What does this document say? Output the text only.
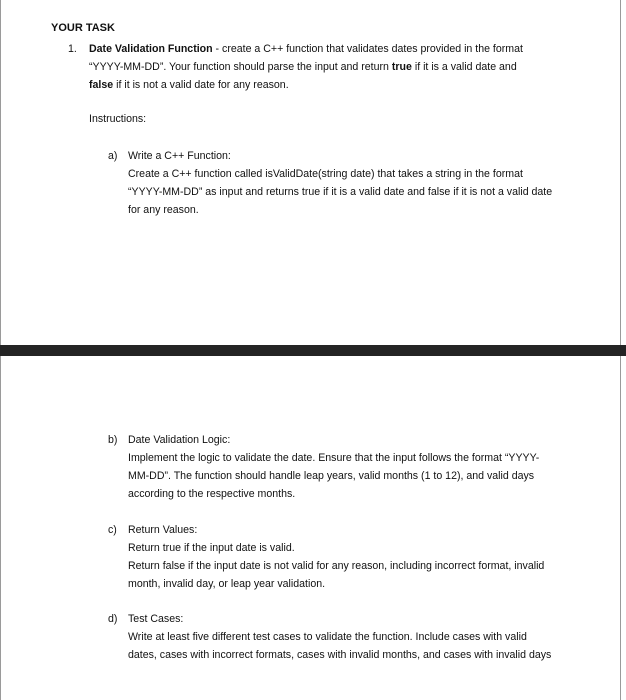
YOUR TASK
1. Date Validation Function - create a C++ function that validates dates provided in the format “YYYY-MM-DD”. Your function should parse the input and return true if it is a valid date and false if it is not a valid date for any reason.
Instructions:
a) Write a C++ Function:
Create a C++ function called isValidDate(string date) that takes a string in the format “YYYY-MM-DD” as input and returns true if it is a valid date and false if it is not a valid date for any reason.
b) Date Validation Logic:
Implement the logic to validate the date. Ensure that the input follows the format “YYYY-MM-DD”. The function should handle leap years, valid months (1 to 12), and valid days according to the respective months.
c) Return Values:
Return true if the input date is valid.
Return false if the input date is not valid for any reason, including incorrect format, invalid month, invalid day, or leap year validation.
d) Test Cases:
Write at least five different test cases to validate the function. Include cases with valid dates, cases with incorrect formats, cases with invalid months, and cases with invalid days
